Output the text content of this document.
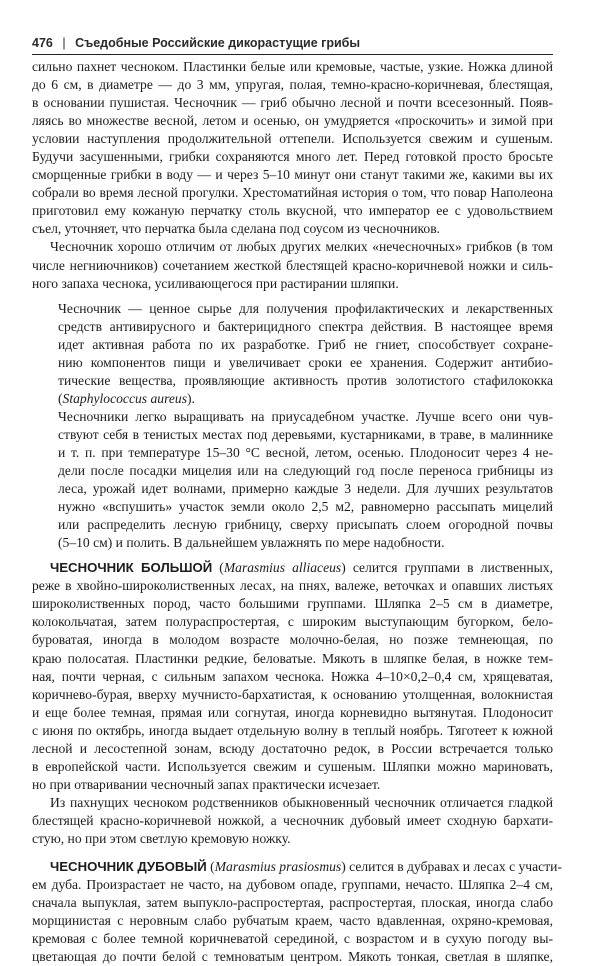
476 | Съедобные Российские дикорастущие грибы
сильно пахнет чесноком. Пластинки белые или кремовые, частые, узкие. Ножка длиной
до 6 см, в диаметре — до 3 мм, упругая, полая, темно-красно-коричневая, блестящая,
в основании пушистая. Чесночник — гриб обычно лесной и почти всесезонный. Появ-
ляясь во множестве весной, летом и осенью, он умудряется «проскочить» и зимой при
условии наступления продолжительной оттепели. Используется свежим и сушеным.
Будучи засушенными, грибки сохраняются много лет. Перед готовкой просто бросьте
сморщенные грибки в воду — и через 5–10 минут они станут такими же, какими вы их
собрали во время лесной прогулки. Хрестоматийная история о том, что повар Наполеона
приготовил ему кожаную перчатку столь вкусной, что император ее с удовольствием
съел, уточняет, что перчатка была сделана под соусом из чесночников.
Чесночник хорошо отличим от любых других мелких «нечесночных» грибков (в том
числе негниючников) сочетанием жесткой блестящей красно-коричневой ножки и силь-
ного запаха чеснока, усиливающегося при растирании шляпки.
Чесночник — ценное сырье для получения профилактических и лекарственных
средств антивирусного и бактерицидного спектра действия. В настоящее время
идет активная работа по их разработке. Гриб не гниет, способствует сохране-
нию компонентов пищи и увеличивает сроки ее хранения. Содержит антибио-
тические вещества, проявляющие активность против золотистого стафилококка
(Staphylococcus aureus).
Чесночники легко выращивать на приусадебном участке. Лучше всего они чув-
ствуют себя в тенистых местах под деревьями, кустарниками, в траве, в малиннике
и т. п. при температуре 15–30 °С весной, летом, осенью. Плодоносит через 4 не-
дели после посадки мицелия или на следующий год после переноса грибницы из
леса, урожай идет волнами, примерно каждые 3 недели. Для лучших результатов
нужно «вспушить» участок земли около 2,5 м2, равномерно рассыпать мицелий
или распределить лесную грибницу, сверху присыпать слоем огородной почвы
(5–10 см) и полить. В дальнейшем увлажнять по мере надобности.
ЧЕСНОЧНИК БОЛЬШОЙ (Marasmius alliaceus) селится группами в лиственных,
реже в хвойно-широколиственных лесах, на пнях, валеже, веточках и опавших листьях
широколиственных пород, часто большими группами. Шляпка 2–5 см в диаметре,
колокольчатая, затем полураспростертая, с широким выступающим бугорком, бело-
буроватая, иногда в молодом возрасте молочно-белая, но позже темнеющая, по
краю полосатая. Пластинки редкие, беловатые. Мякоть в шляпке белая, в ножке тем-
ная, почти черная, с сильным запахом чеснока. Ножка 4–10×0,2–0,4 см, хрящеватая,
коричнево-бурая, вверху мучнисто-бархатистая, к основанию утолщенная, волокнистая
и еще более темная, прямая или согнутая, иногда корневидно вытянутая. Плодоносит
с июня по октябрь, иногда выдает отдельную волну в теплый ноябрь. Тяготеет к южной
лесной и лесостепной зонам, всюду достаточно редок, в России встречается только
в европейской части. Используется свежим и сушеным. Шляпки можно мариновать,
но при отваривании чесночный запах практически исчезает.
Из пахнущих чесноком родственников обыкновенный чесночник отличается гладкой
блестящей красно-коричневой ножкой, а чесночник дубовый имеет сходную бархати-
стую, но при этом светлую кремовую ножку.
ЧЕСНОЧНИК ДУБОВЫЙ (Marasmius prasiosmus) селится в дубравах и лесах с участи-
ем дуба. Произрастает не часто, на дубовом опаде, группами, нечасто. Шляпка 2–4 см,
сначала выпуклая, затем выпукло-распростертая, распростертая, плоская, иногда слабо
морщинистая с неровным слабо рубчатым краем, часто вдавленная, охряно-кремовая,
кремовая с более темной коричневатой серединой, с возрастом и в сухую погоду вы-
цветающая до почти белой с темноватым центром. Мякоть тонкая, светлая в шляпке,
